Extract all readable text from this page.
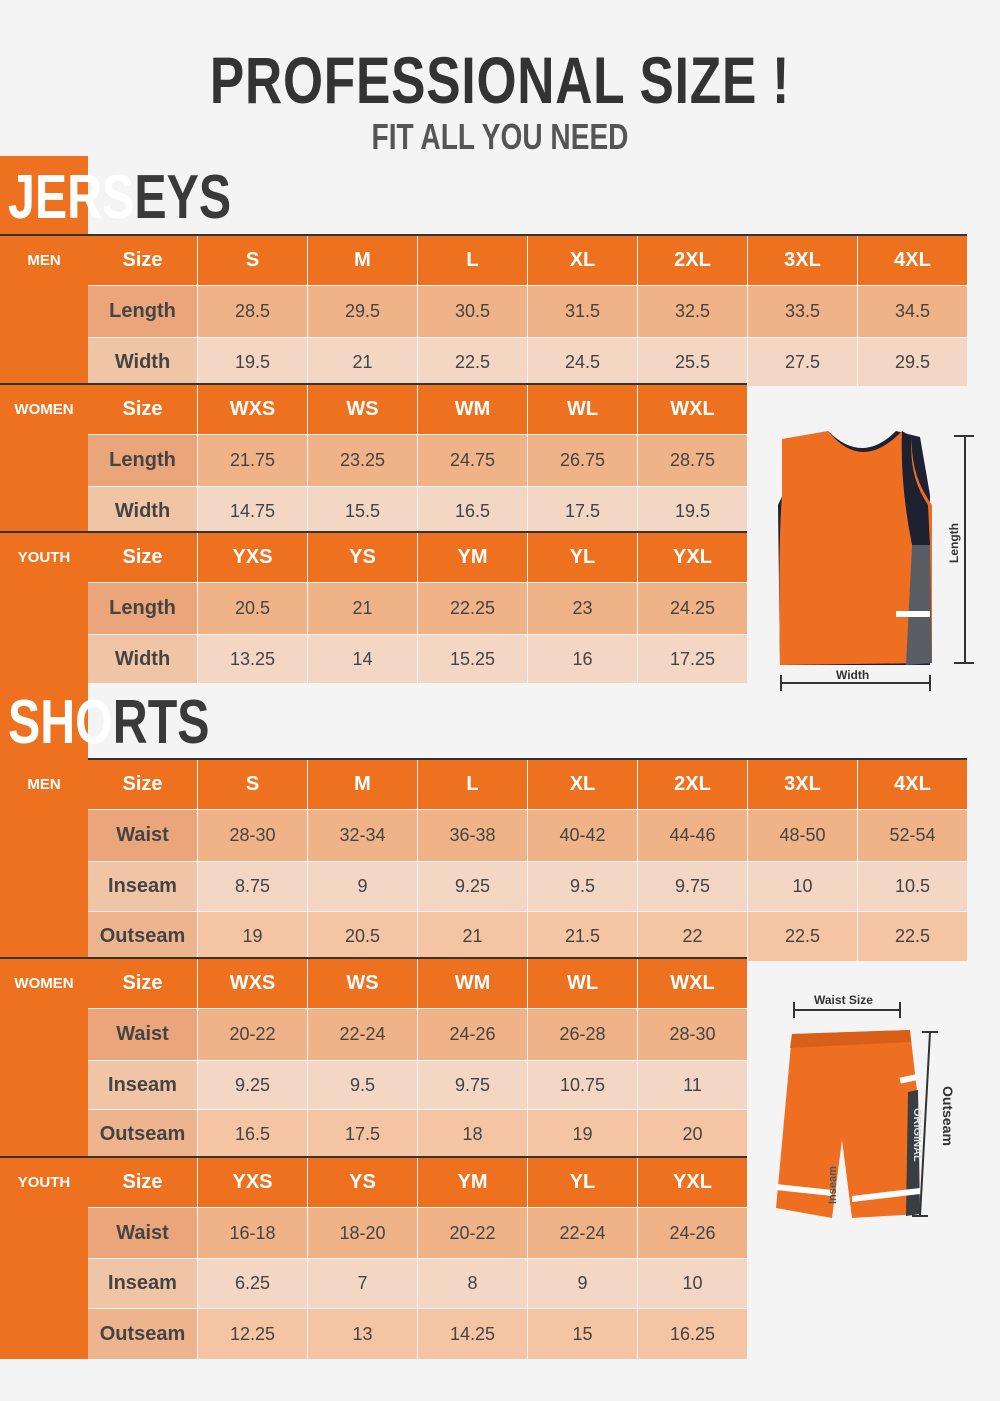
PROFESSIONAL SIZE !
FIT ALL YOU NEED
JERSEYS
MEN	Size	S	M	L	XL	2XL	3XL	4XL
Length	28.5	29.5	30.5	31.5	32.5	33.5	34.5
Width	19.5	21	22.5	24.5	25.5	27.5	29.5
WOMEN	Size	WXS	WS	WM	WL	WXL
Length	21.75	23.25	24.75	26.75	28.75
Width	14.75	15.5	16.5	17.5	19.5
YOUTH	Size	YXS	YS	YM	YL	YXL
Length	20.5	21	22.25	23	24.25
Width	13.25	14	15.25	16	17.25
MEN	Size	S	M	L	XL	2XL	3XL	4XL
Waist	28-30	32-34	36-38	40-42	44-46	48-50	52-54
Inseam	8.75	9	9.25	9.5	9.75	10	10.5
Outseam	19	20.5	21	21.5	22	22.5	22.5
WOMEN	Size	WXS	WS	WM	WL	WXL
Waist	20-22	22-24	24-26	26-28	28-30
Inseam	9.25	9.5	9.75	10.75	11
Outseam	16.5	17.5	18	19	20
YOUTH	Size	YXS	YS	YM	YL	YXL
Waist	16-18	18-20	20-22	22-24	24-26
Inseam	6.25	7	8	9	10
Outseam	12.25	13	14.25	15	16.25
Length
Width
SHORTS
Waist Size
Outseam
Inseam
ORIGINAL
